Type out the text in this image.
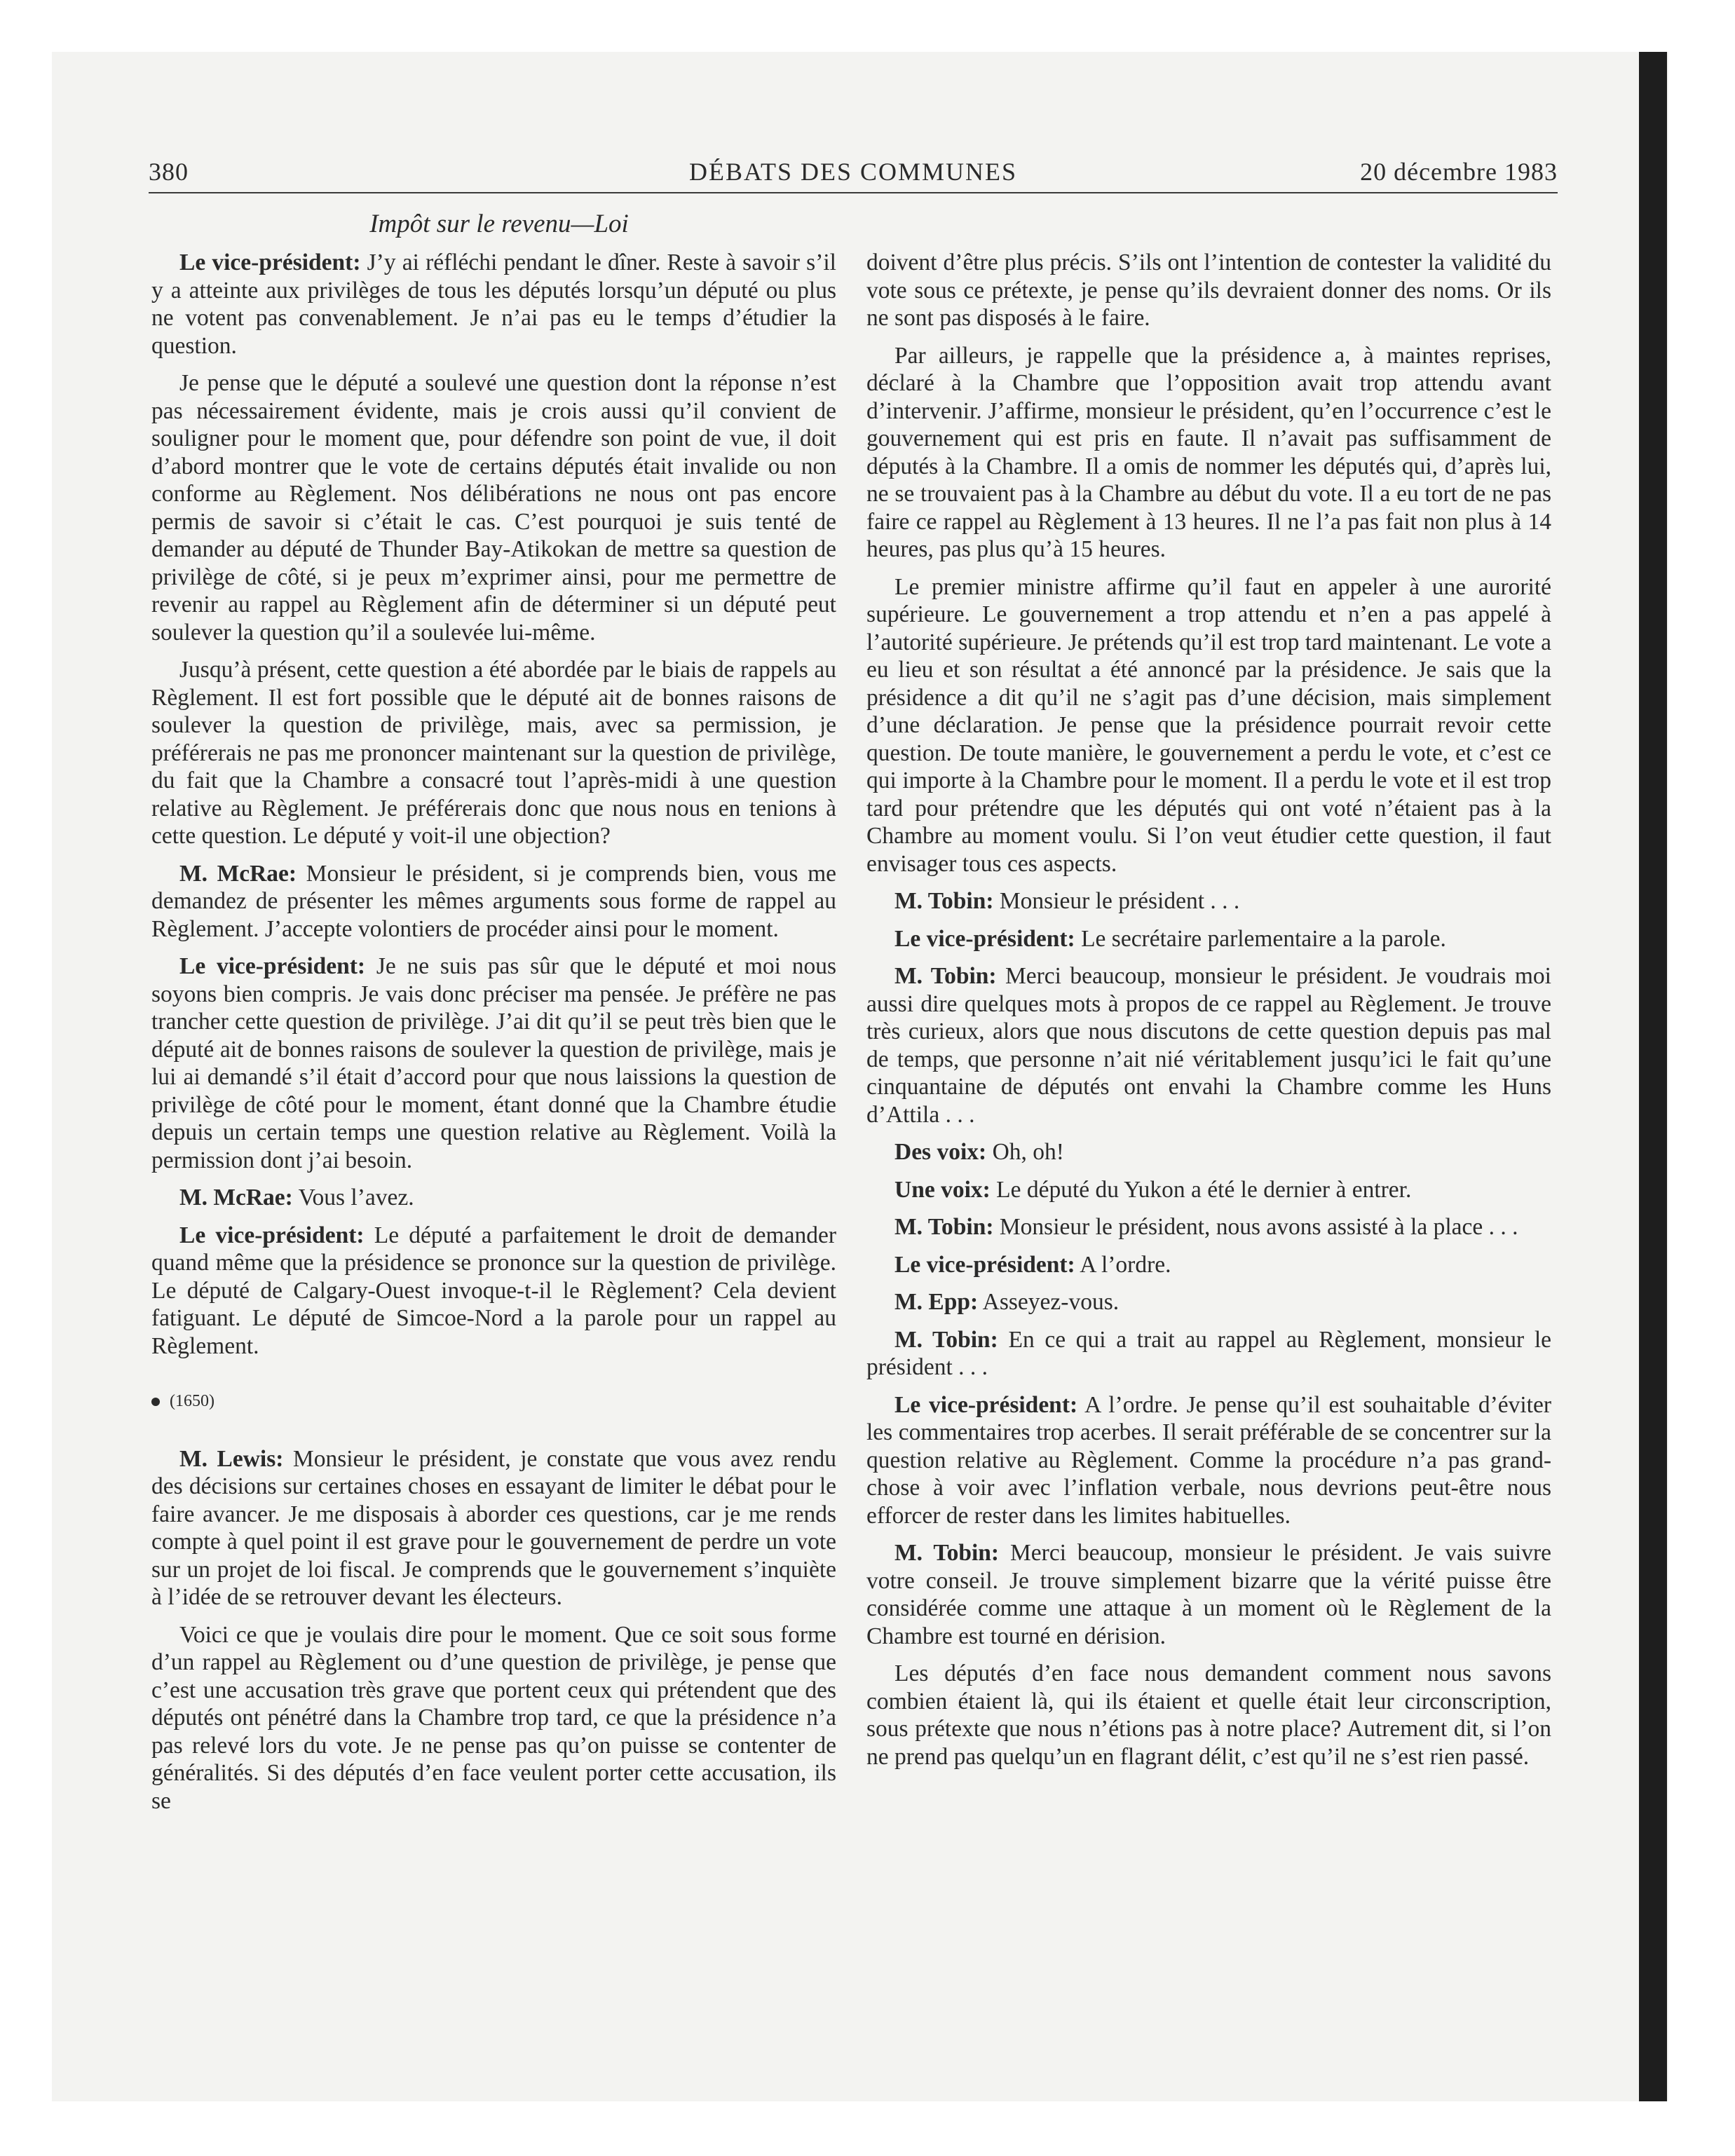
380	DÉBATS DES COMMUNES	20 décembre 1983
Impôt sur le revenu—Loi

Le vice-président: J’y ai réfléchi pendant le dîner. Reste à savoir s’il y a atteinte aux privilèges de tous les députés lorsqu’un député ou plus ne votent pas convenablement. Je n’ai pas eu le temps d’étudier la question.

Je pense que le député a soulevé une question dont la réponse n’est pas nécessairement évidente, mais je crois aussi qu’il convient de souligner pour le moment que, pour défendre son point de vue, il doit d’abord montrer que le vote de certains députés était invalide ou non conforme au Règlement. Nos délibérations ne nous ont pas encore permis de savoir si c’était le cas. C’est pourquoi je suis tenté de demander au député de Thunder Bay-Atikokan de mettre sa question de privilège de côté, si je peux m’exprimer ainsi, pour me permettre de revenir au rappel au Règlement afin de déterminer si un député peut soulever la question qu’il a soulevée lui-même.

Jusqu’à présent, cette question a été abordée par le biais de rappels au Règlement. Il est fort possible que le député ait de bonnes raisons de soulever la question de privilège, mais, avec sa permission, je préférerais ne pas me prononcer maintenant sur la question de privilège, du fait que la Chambre a consacré tout l’après-midi à une question relative au Règlement. Je préférerais donc que nous nous en tenions à cette question. Le député y voit-il une objection?

M. McRae: Monsieur le président, si je comprends bien, vous me demandez de présenter les mêmes arguments sous forme de rappel au Règlement. J’accepte volontiers de procéder ainsi pour le moment.

Le vice-président: Je ne suis pas sûr que le député et moi nous soyons bien compris. Je vais donc préciser ma pensée. Je préfère ne pas trancher cette question de privilège. J’ai dit qu’il se peut très bien que le député ait de bonnes raisons de soulever la question de privilège, mais je lui ai demandé s’il était d’accord pour que nous laissions la question de privilège de côté pour le moment, étant donné que la Chambre étudie depuis un certain temps une question relative au Règlement. Voilà la permission dont j’ai besoin.

M. McRae: Vous l’avez.

Le vice-président: Le député a parfaitement le droit de demander quand même que la présidence se prononce sur la question de privilège. Le député de Calgary-Ouest invoque-t-il le Règlement? Cela devient fatiguant. Le député de Simcoe-Nord a la parole pour un rappel au Règlement.

(1650)

M. Lewis: Monsieur le président, je constate que vous avez rendu des décisions sur certaines choses en essayant de limiter le débat pour le faire avancer. Je me disposais à aborder ces questions, car je me rends compte à quel point il est grave pour le gouvernement de perdre un vote sur un projet de loi fiscal. Je comprends que le gouvernement s’inquiète à l’idée de se retrouver devant les électeurs.

Voici ce que je voulais dire pour le moment. Que ce soit sous forme d’un rappel au Règlement ou d’une question de privilège, je pense que c’est une accusation très grave que portent ceux qui prétendent que des députés ont pénétré dans la Chambre trop tard, ce que la présidence n’a pas relevé lors du vote. Je ne pense pas qu’on puisse se contenter de généralités. Si des députés d’en face veulent porter cette accusation, ils se

doivent d’être plus précis. S’ils ont l’intention de contester la validité du vote sous ce prétexte, je pense qu’ils devraient donner des noms. Or ils ne sont pas disposés à le faire.

Par ailleurs, je rappelle que la présidence a, à maintes reprises, déclaré à la Chambre que l’opposition avait trop attendu avant d’intervenir. J’affirme, monsieur le président, qu’en l’occurrence c’est le gouvernement qui est pris en faute. Il n’avait pas suffisamment de députés à la Chambre. Il a omis de nommer les députés qui, d’après lui, ne se trouvaient pas à la Chambre au début du vote. Il a eu tort de ne pas faire ce rappel au Règlement à 13 heures. Il ne l’a pas fait non plus à 14 heures, pas plus qu’à 15 heures.

Le premier ministre affirme qu’il faut en appeler à une aurorité supérieure. Le gouvernement a trop attendu et n’en a pas appelé à l’autorité supérieure. Je prétends qu’il est trop tard maintenant. Le vote a eu lieu et son résultat a été annoncé par la présidence. Je sais que la présidence a dit qu’il ne s’agit pas d’une décision, mais simplement d’une déclaration. Je pense que la présidence pourrait revoir cette question. De toute manière, le gouvernement a perdu le vote, et c’est ce qui importe à la Chambre pour le moment. Il a perdu le vote et il est trop tard pour prétendre que les députés qui ont voté n’étaient pas à la Chambre au moment voulu. Si l’on veut étudier cette question, il faut envisager tous ces aspects.

M. Tobin: Monsieur le président . . .

Le vice-président: Le secrétaire parlementaire a la parole.

M. Tobin: Merci beaucoup, monsieur le président. Je voudrais moi aussi dire quelques mots à propos de ce rappel au Règlement. Je trouve très curieux, alors que nous discutons de cette question depuis pas mal de temps, que personne n’ait nié véritablement jusqu’ici le fait qu’une cinquantaine de députés ont envahi la Chambre comme les Huns d’Attila . . .

Des voix: Oh, oh!

Une voix: Le député du Yukon a été le dernier à entrer.

M. Tobin: Monsieur le président, nous avons assisté à la place . . .

Le vice-président: A l’ordre.

M. Epp: Asseyez-vous.

M. Tobin: En ce qui a trait au rappel au Règlement, monsieur le président . . .

Le vice-président: A l’ordre. Je pense qu’il est souhaitable d’éviter les commentaires trop acerbes. Il serait préférable de se concentrer sur la question relative au Règlement. Comme la procédure n’a pas grand-chose à voir avec l’inflation verbale, nous devrions peut-être nous efforcer de rester dans les limites habituelles.

M. Tobin: Merci beaucoup, monsieur le président. Je vais suivre votre conseil. Je trouve simplement bizarre que la vérité puisse être considérée comme une attaque à un moment où le Règlement de la Chambre est tourné en dérision.

Les députés d’en face nous demandent comment nous savons combien étaient là, qui ils étaient et quelle était leur circonscription, sous prétexte que nous n’étions pas à notre place? Autrement dit, si l’on ne prend pas quelqu’un en flagrant délit, c’est qu’il ne s’est rien passé.
